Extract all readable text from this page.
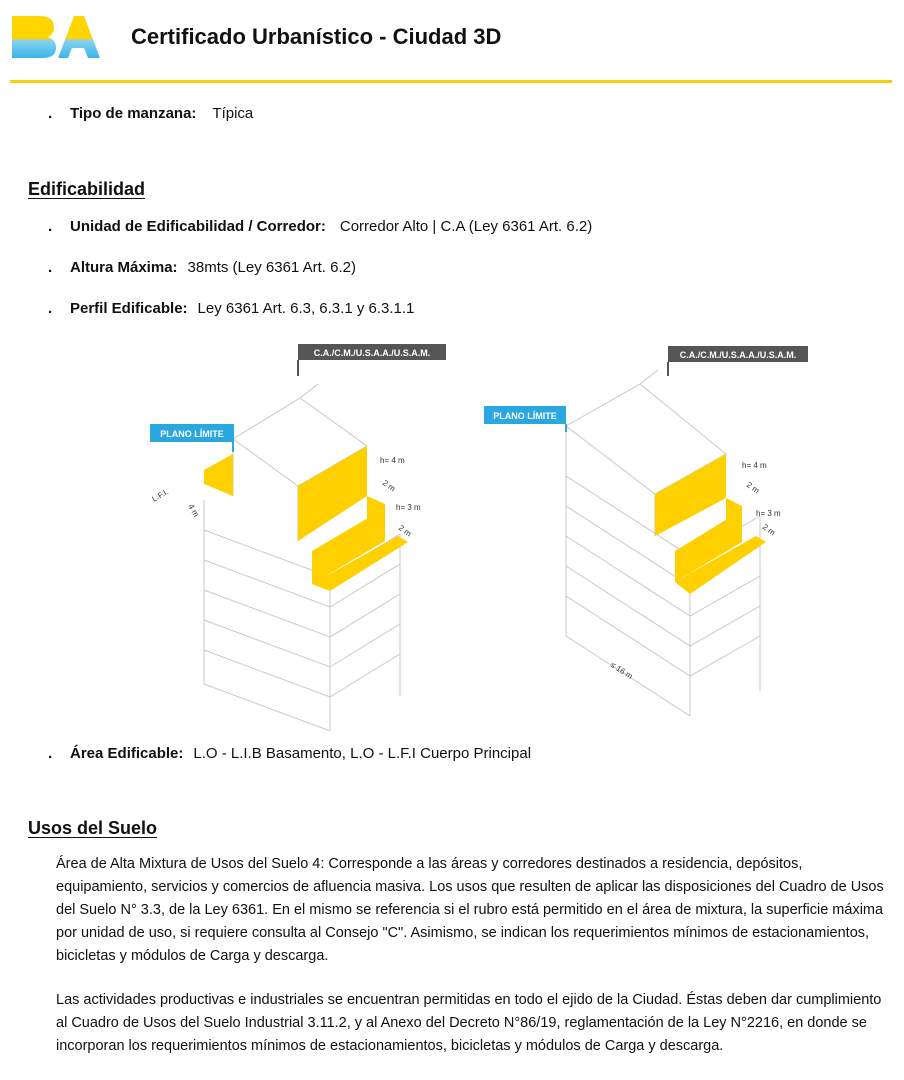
BA
Certificado Urbanístico - Ciudad 3D
. Tipo de manzana: Típica
Edificabilidad
. Unidad de Edificabilidad / Corredor: Corredor Alto | C.A (Ley 6361 Art. 6.2)
. Altura Máxima: 38mts (Ley 6361 Art. 6.2)
. Perfil Edificable: Ley 6361 Art. 6.3, 6.3.1 y 6.3.1.1
C.A./C.M./U.S.A.A./U.S.A.M.
PLANO LÍMITE
h= 4 m
2 m
h= 3 m
2 m
L.F.I.
4 m
C.A./C.M./U.S.A.A./U.S.A.M.
PLANO LÍMITE
h= 4 m
2 m
h= 3 m
2 m
≤ 16 m
. Área Edificable: L.O - L.I.B Basamento, L.O - L.F.I Cuerpo Principal
Usos del Suelo
Área de Alta Mixtura de Usos del Suelo 4: Corresponde a las áreas y corredores destinados a residencia, depósitos, equipamiento, servicios y comercios de afluencia masiva. Los usos que resulten de aplicar las disposiciones del Cuadro de Usos del Suelo N° 3.3, de la Ley 6361. En el mismo se referencia si el rubro está permitido en el área de mixtura, la superficie máxima por unidad de uso, si requiere consulta al Consejo "C". Asimismo, se indican los requerimientos mínimos de estacionamientos, bicicletas y módulos de Carga y descarga.
Las actividades productivas e industriales se encuentran permitidas en todo el ejido de la Ciudad. Éstas deben dar cumplimiento al Cuadro de Usos del Suelo Industrial 3.11.2, y al Anexo del Decreto N°86/19, reglamentación de la Ley N°2216, en donde se incorporan los requerimientos mínimos de estacionamientos, bicicletas y módulos de Carga y descarga.
